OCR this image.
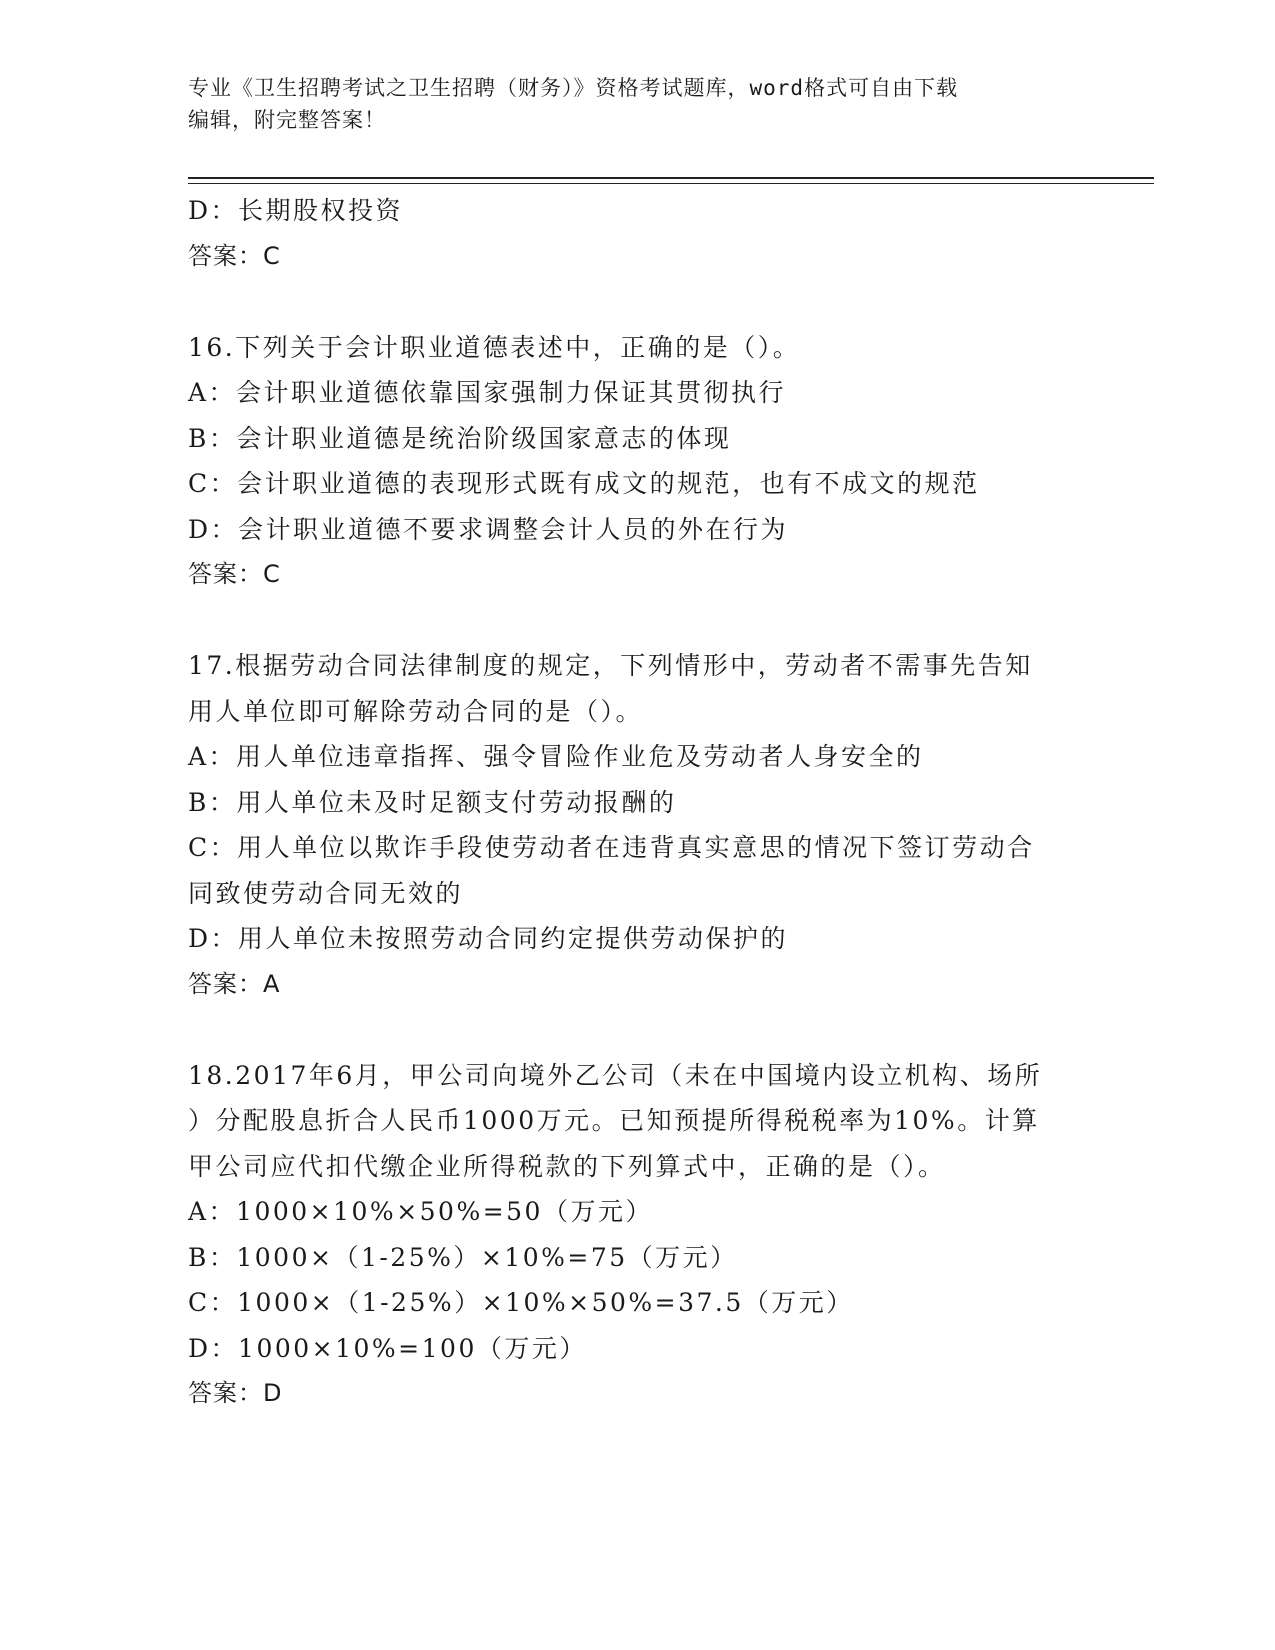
专业《卫生招聘考试之卫生招聘（财务）》资格考试题库，word格式可自由下载
编辑，附完整答案！

D：长期股权投资

答案：C

16.下列关于会计职业道德表述中，正确的是（）。

A：会计职业道德依靠国家强制力保证其贯彻执行

B：会计职业道德是统治阶级国家意志的体现

C：会计职业道德的表现形式既有成文的规范，也有不成文的规范

D：会计职业道德不要求调整会计人员的外在行为

答案：C

17.根据劳动合同法律制度的规定，下列情形中，劳动者不需事先告知

用人单位即可解除劳动合同的是（）。

A：用人单位违章指挥、强令冒险作业危及劳动者人身安全的

B：用人单位未及时足额支付劳动报酬的

C：用人单位以欺诈手段使劳动者在违背真实意思的情况下签订劳动合

同致使劳动合同无效的

D：用人单位未按照劳动合同约定提供劳动保护的

答案：A

18.2017年6月，甲公司向境外乙公司（未在中国境内设立机构、场所

）分配股息折合人民币1000万元。已知预提所得税税率为10%。计算

甲公司应代扣代缴企业所得税款的下列算式中，正确的是（）。

A：1000×10%×50%=50（万元）

B：1000×（1-25%）×10%=75（万元）

C：1000×（1-25%）×10%×50%=37.5（万元）

D：1000×10%=100（万元）

答案：D
